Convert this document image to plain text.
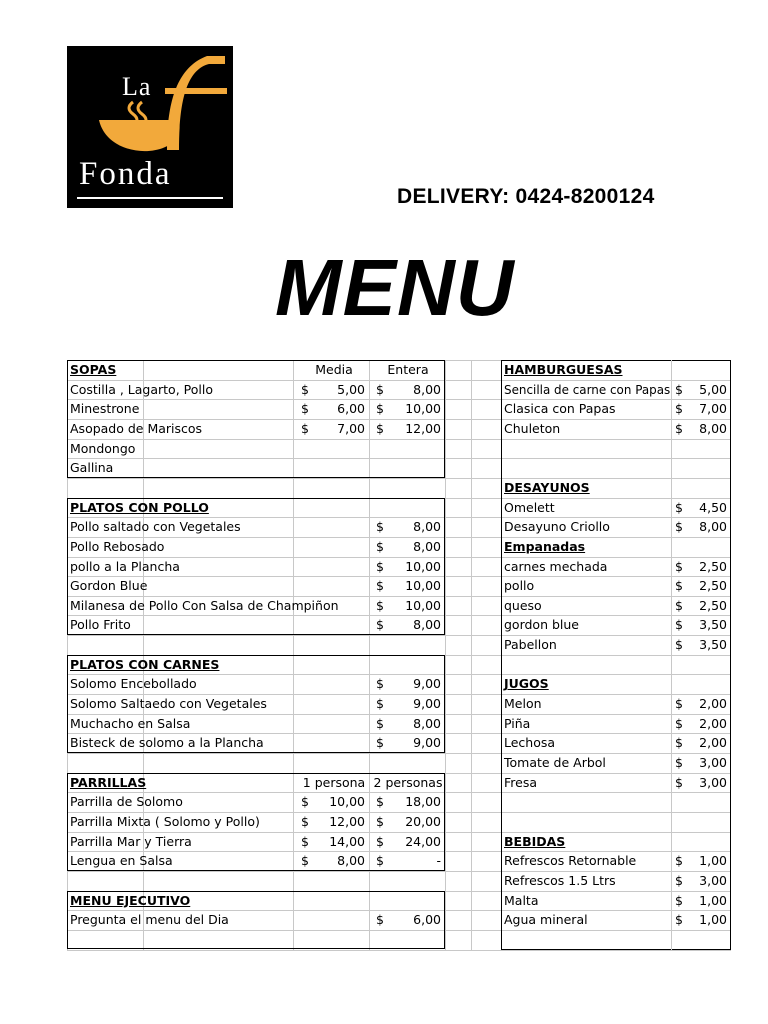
La
Fonda
DELIVERY: 0424-8200124
MENU
SOPAS	Media	Entera
Costilla , Lagarto, Pollo	$	5,00 $	8,00
Minestrone	$	6,00 $	10,00
Asopado de Mariscos	$	7,00 $	12,00
Mondongo
Gallina
PLATOS CON POLLO
Pollo saltado con Vegetales	$	8,00
Pollo Rebosado	$	8,00
pollo a la Plancha	$	10,00
Gordon Blue	$	10,00
Milanesa de Pollo Con Salsa de Champiñon	$	10,00
Pollo Frito	$	8,00
PLATOS CON CARNES
Solomo Encebollado	$	9,00
Solomo Saltaedo con Vegetales	$	9,00
Muchacho en Salsa	$	8,00
Bisteck de solomo a la Plancha	$	9,00
PARRILLAS	1 persona 2 personas
Parrilla de Solomo	$	10,00 $	18,00
Parrilla Mixta ( Solomo y Pollo)	$	12,00 $	20,00
Parrilla Mar y Tierra	$	14,00 $	24,00
Lengua en Salsa	$	8,00 $	-
MENU EJECUTIVO
Pregunta el menu del Dia	$	6,00
HAMBURGUESAS
Sencilla de carne con Papas $	5,00
Clasica con Papas	$	7,00
Chuleton	$	8,00
DESAYUNOS
Omelett	$	4,50
Desayuno Criollo	$	8,00
Empanadas
carnes mechada	$	2,50
pollo	$	2,50
queso	$	2,50
gordon blue	$	3,50
Pabellon	$	3,50
JUGOS
Melon	$	2,00
Piña	$	2,00
Lechosa	$	2,00
Tomate de Arbol	$	3,00
Fresa	$	3,00
BEBIDAS
Refrescos Retornable	$	1,00
Refrescos 1.5 Ltrs	$	3,00
Malta	$	1,00
Agua mineral	$	1,00
